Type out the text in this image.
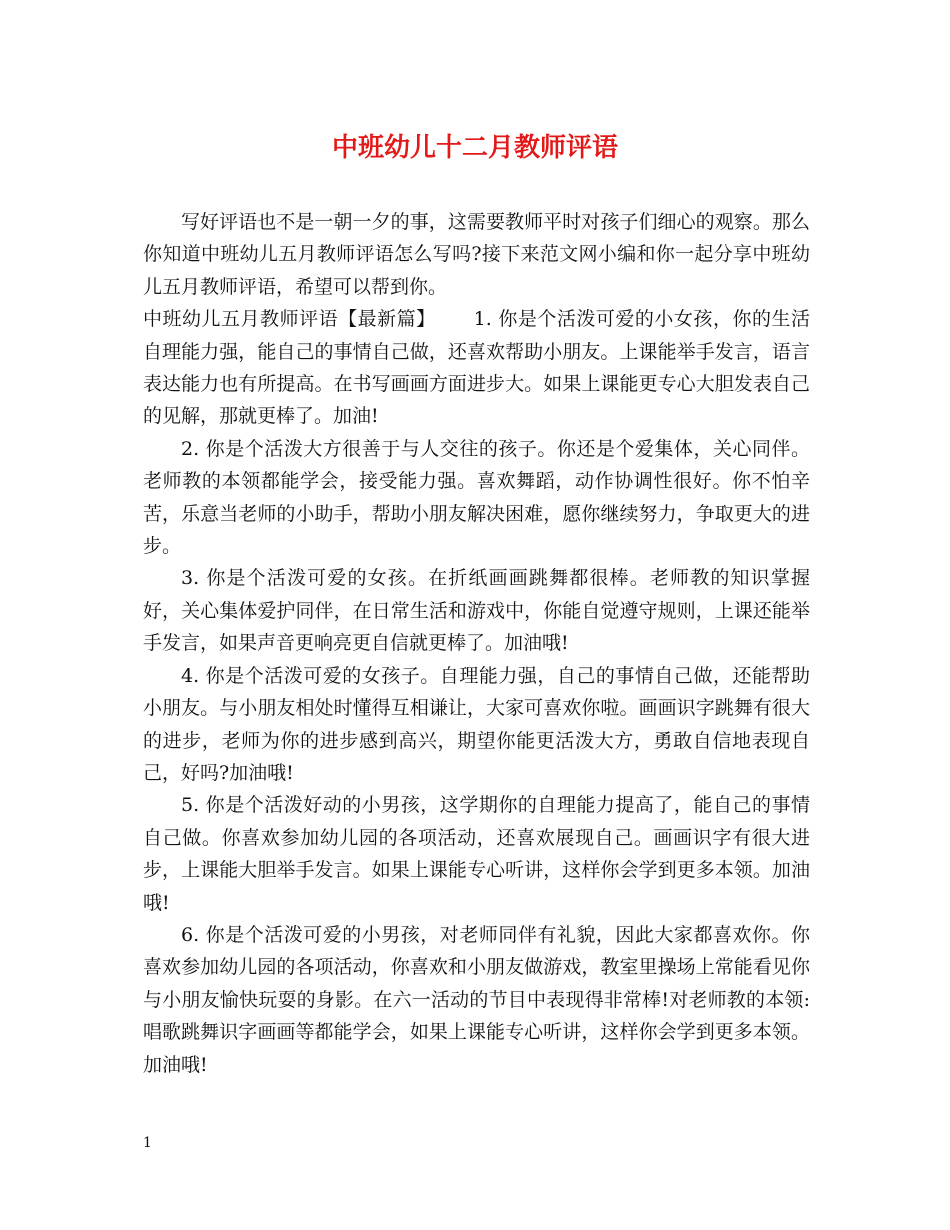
中班幼儿十二月教师评语

写好评语也不是一朝一夕的事，这需要教师平时对孩子们细心的观察。那么你知道中班幼儿五月教师评语怎么写吗?接下来范文网小编和你一起分享中班幼儿五月教师评语，希望可以帮到你。

中班幼儿五月教师评语【最新篇】 1. 你是个活泼可爱的小女孩，你的生活自理能力强，能自己的事情自己做，还喜欢帮助小朋友。上课能举手发言，语言表达能力也有所提高。在书写画画方面进步大。如果上课能更专心大胆发表自己的见解，那就更棒了。加油!

2. 你是个活泼大方很善于与人交往的孩子。你还是个爱集体，关心同伴。老师教的本领都能学会，接受能力强。喜欢舞蹈，动作协调性很好。你不怕辛苦，乐意当老师的小助手，帮助小朋友解决困难，愿你继续努力，争取更大的进步。

3. 你是个活泼可爱的女孩。在折纸画画跳舞都很棒。老师教的知识掌握好，关心集体爱护同伴，在日常生活和游戏中，你能自觉遵守规则，上课还能举手发言，如果声音更响亮更自信就更棒了。加油哦!

4. 你是个活泼可爱的女孩子。自理能力强，自己的事情自己做，还能帮助小朋友。与小朋友相处时懂得互相谦让，大家可喜欢你啦。画画识字跳舞有很大的进步，老师为你的进步感到高兴，期望你能更活泼大方，勇敢自信地表现自己，好吗?加油哦!

5. 你是个活泼好动的小男孩，这学期你的自理能力提高了，能自己的事情自己做。你喜欢参加幼儿园的各项活动，还喜欢展现自己。画画识字有很大进步，上课能大胆举手发言。如果上课能专心听讲，这样你会学到更多本领。加油哦!

6. 你是个活泼可爱的小男孩，对老师同伴有礼貌，因此大家都喜欢你。你喜欢参加幼儿园的各项活动，你喜欢和小朋友做游戏，教室里操场上常能看见你与小朋友愉快玩耍的身影。在六一活动的节目中表现得非常棒!对老师教的本领:唱歌跳舞识字画画等都能学会，如果上课能专心听讲，这样你会学到更多本领。加油哦!

1
